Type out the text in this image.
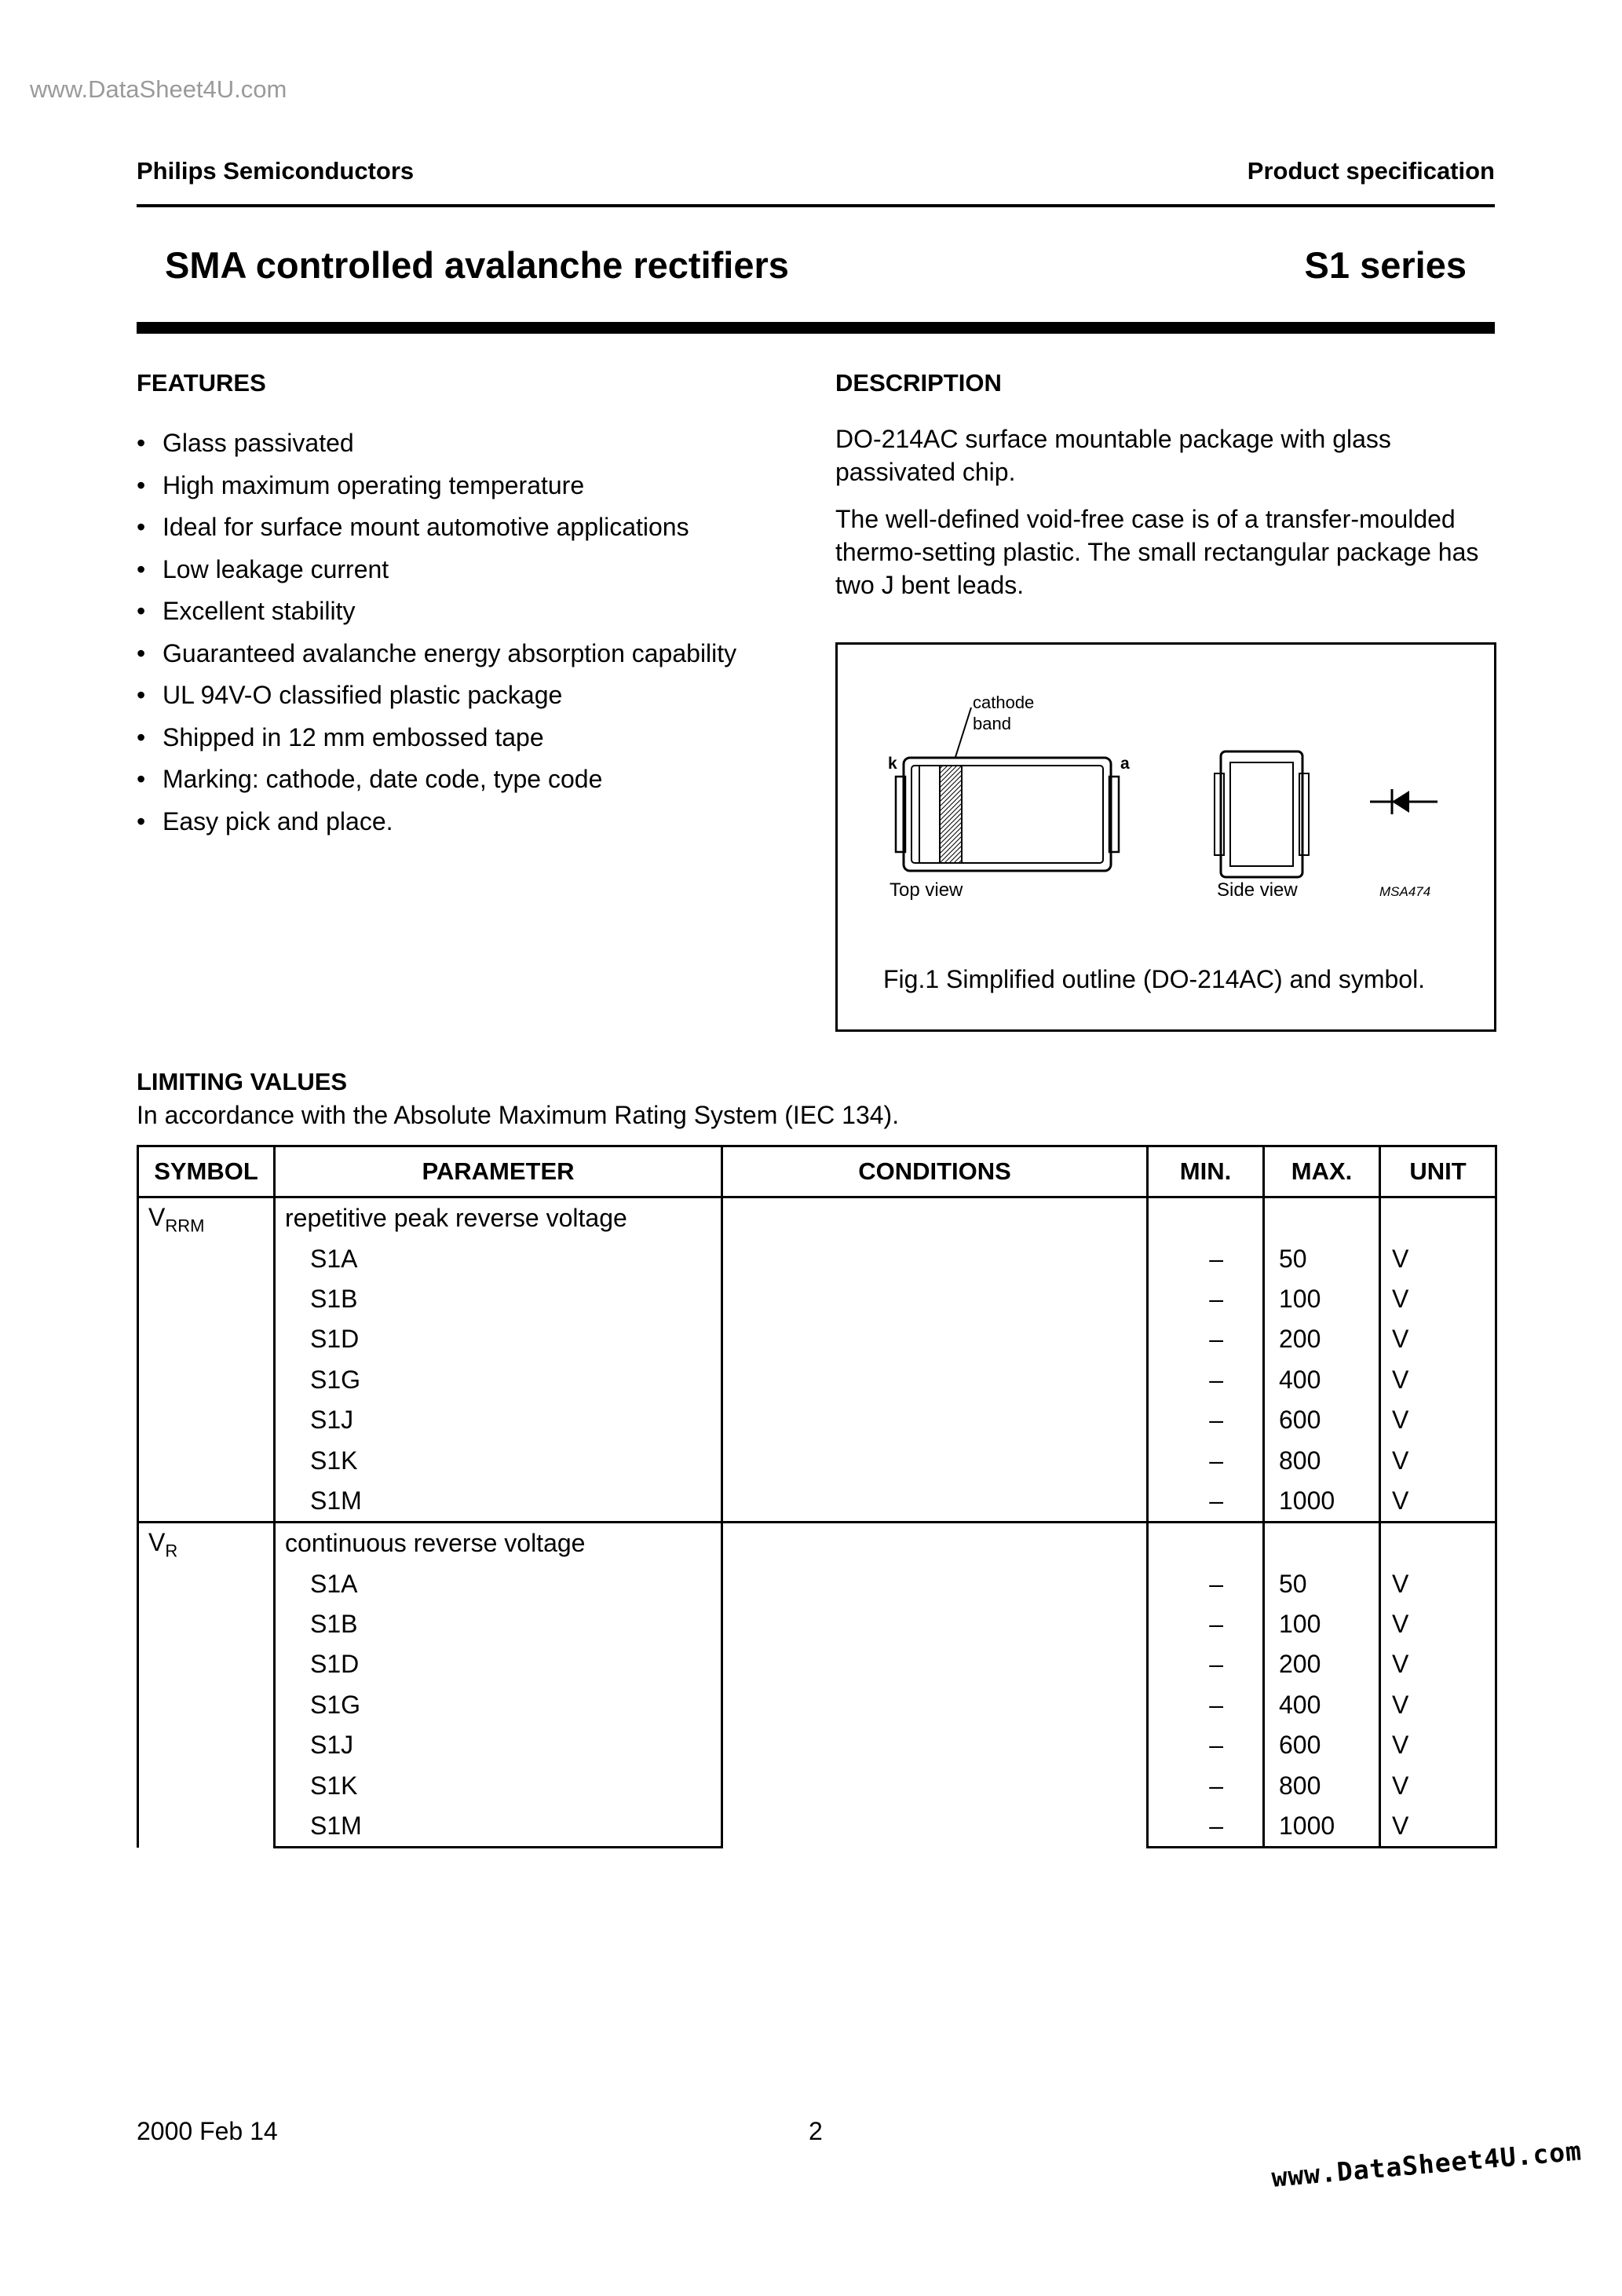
www.DataSheet4U.com
Philips Semiconductors	Product specification
SMA controlled avalanche rectifiers	S1 series
FEATURES
• Glass passivated
• High maximum operating temperature
• Ideal for surface mount automotive applications
• Low leakage current
• Excellent stability
• Guaranteed avalanche energy absorption capability
• UL 94V-O classified plastic package
• Shipped in 12 mm embossed tape
• Marking: cathode, date code, type code
• Easy pick and place.
DESCRIPTION

DO-214AC surface mountable package with glass passivated chip.

The well-defined void-free case is of a transfer-moulded thermo-setting plastic. The small rectangular package has two J bent leads.

cathode
band
k	a
Top view	Side view	MSA474
Fig.1 Simplified outline (DO-214AC) and symbol.
LIMITING VALUES
In accordance with the Absolute Maximum Rating System (IEC 134).
SYMBOL	PARAMETER	CONDITIONS	MIN.	MAX.	UNIT
$V_{RRM}$	repetitive peak reverse voltage				
	S1A		–	50	V
	S1B		–	100	V
	S1D		–	200	V
	S1G		–	400	V
	S1J		–	600	V
	S1K		–	800	V
	S1M		–	1000	V
$V_R$	continuous reverse voltage				
	S1A		–	50	V
	S1B		–	100	V
	S1D		–	200	V
	S1G		–	400	V
	S1J		–	600	V
	S1K		–	800	V
	S1M		–	1000	V
2000 Feb 14	2
www.DataSheet4U.com
